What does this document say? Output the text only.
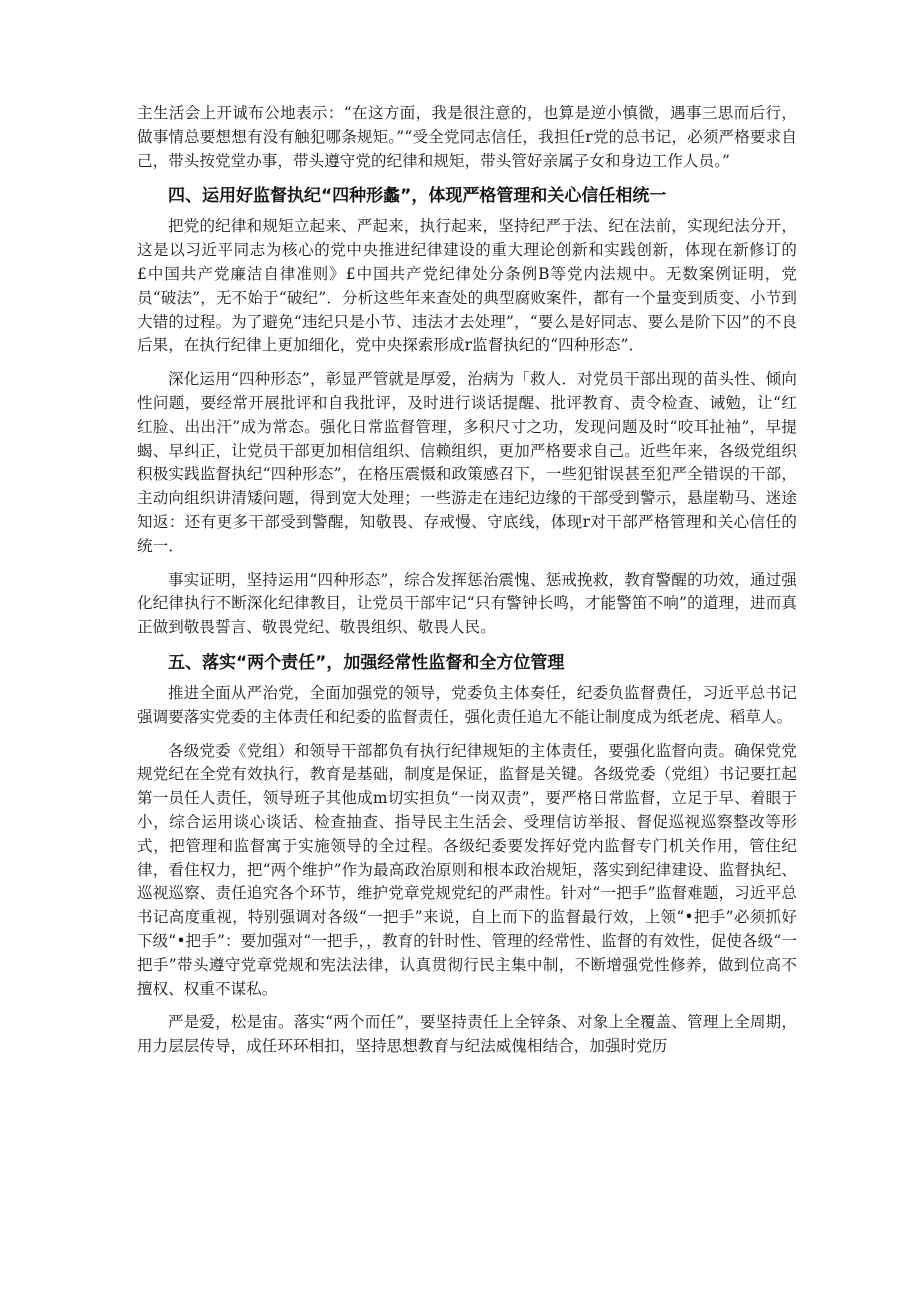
主生活会上开诚布公地表示：“在这方面，我是很注意的，也算是逆小慎微，遇事三思而后行，做事情总要想想有没有触犯哪条规矩。”“受全党同志信任，我担任r党的总书记，必须严格要求自己，带头按党堂办事，带头遵守党的纪律和规矩，带头管好亲属子女和身边工作人员。”

四、运用好监督执纪“四种形蠡”，体现严格管理和关心信任相统一

把党的纪律和规矩立起来、严起来，执行起来，坚持纪严于法、纪在法前，实现纪法分开，这是以习近平同志为核心的党中央推进纪律建设的重大理论创新和实践创新，体现在新修订的£中国共产党廉洁自律准则》£中国共产党纪律处分条例B等党内法规中。无数案例证明，党员“破法”，无不始于“破纪”．分析这些年来查处的典型腐败案件，都有一个量变到质变、小节到大错的过程。为了避免“违纪只是小节、违法才去处理”，“要么是好同志、要么是阶下囚”的不良后果，在执行纪律上更加细化，党中央探索形成r监督执纪的“四种形态”．

深化运用“四种形态”，彰显严管就是厚爱，治病为「救人．对党员干部出现的苗头性、倾向性问题，要经常开展批评和自我批评，及时进行谈话提醒、批评教育、责令检查、诫勉，让“红红脸、出出汗”成为常态。强化日常监督管理，多积尺寸之功，发现问题及时“咬耳扯袖”，早提蝎、早纠正，让党员干部更加相信组织、信赖组织，更加严格要求自己。近些年来，各级党组织积极实践监督执纪“四种形态”，在格压震慑和政策感召下，一些犯钳误甚至犯严全错误的干部，主动向组织讲清矮问题，得到宽大处理；一些游走在违纪边缘的干部受到警示，悬崖勒马、迷途知返：还有更多干部受到警醒，知敬畏、存戒慢、守底线，体现r对干部严格管理和关心信任的统一．

事实证明，坚持运用“四种形态”，综合发挥惩治震愧、惩戒挽救，教育警醒的功效，通过强化纪律执行不断深化纪律教目，让党员干部牢记“只有警钟长鸣，才能警笛不响”的道理，进而真正做到敬畏誓言、敬畏党纪、敬畏组织、敬畏人民。

五、落实“两个责任”，加强经常性监督和全方位管理

推进全面从严治党，全面加强党的领导，党委负主体奏任，纪委负监督费任，习近平总书记强调要落实党委的主体责任和纪委的监督责任，强化责任追尢不能让制度成为纸老虎、稻草人。

各级党委《党组）和领导干部都负有执行纪律规矩的主体责任，要强化监督向责。确保党党规党纪在全党有效执行，教育是基础，制度是保证，监督是关键。各级党委（党组）书记要扛起第一员任人责任，领导班子其他成m切实担负“一岗双责”，要严格日常监督，立足于早、着眼于小，综合运用谈心谈话、检查抽查、指导民主生活会、受理信访举报、督促巡视巡察整改等形式，把管理和监督寓于实施领导的全过程。各级纪委要发挥好党内监督专门机关作用，管住纪律，看住权力，把“两个维护”作为最高政治原则和根本政治规矩，落实到纪律建设、监督执纪、巡视巡察、责任追究各个环节，维护党章党规党纪的严肃性。针对“一把手”监督难题，习近平总书记高度重视，特别强调对各级“一把手”来说，自上而下的监督最行效，上领“•把手”必须抓好下级“•把手”：要加强对“一把手，，教育的针时性、管理的经常性、监督的有效性，促使各级“一把手”带头遵守党章党规和宪法法律，认真贯彻行民主集中制，不断增强党性修养，做到位高不擅权、权重不谋私。

严是爱，松是宙。落实“两个而任”，要坚持责任上全锌条、对象上全覆盖、管理上全周期，用力层层传导，成任环环相扣，坚持思想教育与纪法威傀相结合，加强时党历
